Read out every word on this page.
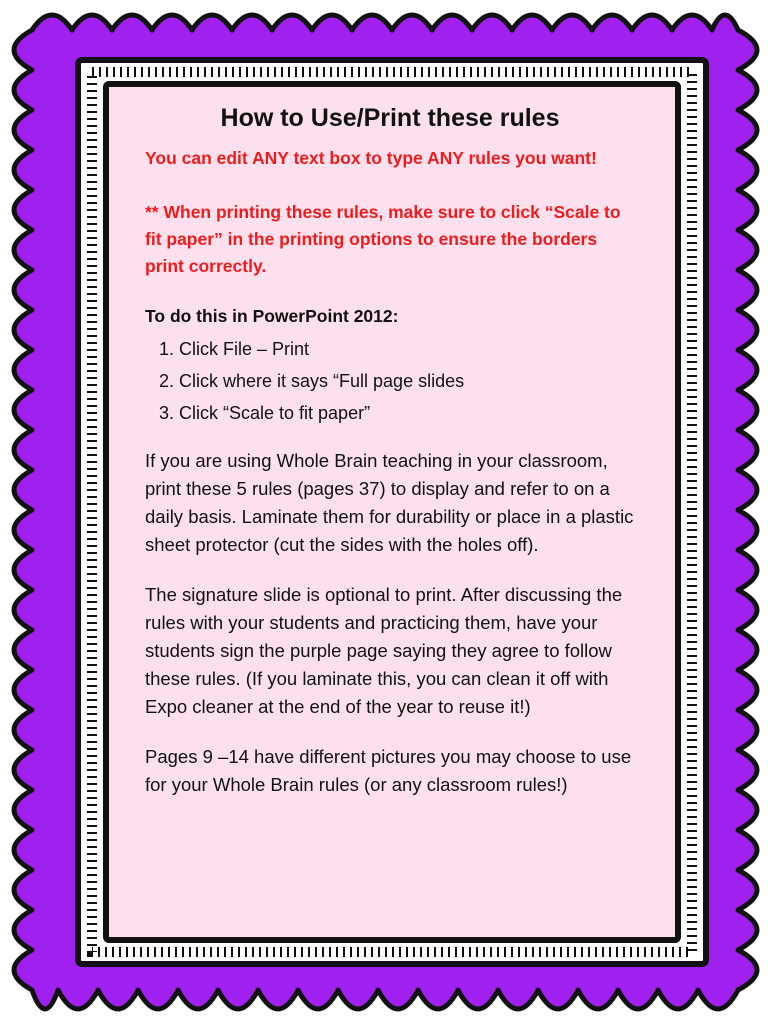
How to Use/Print these rules

You can edit ANY text box to type ANY rules you want!

** When printing these rules, make sure to click “Scale to fit paper” in the printing options to ensure the borders print correctly.

To do this in PowerPoint 2012:
1. Click File – Print
2. Click where it says “Full page slides
3. Click “Scale to fit paper”

If you are using Whole Brain teaching in your classroom, print these 5 rules (pages 37) to display and refer to on a daily basis. Laminate them for durability or place in a plastic sheet protector (cut the sides with the holes off).

The signature slide is optional to print. After discussing the rules with your students and practicing them, have your students sign the purple page saying they agree to follow these rules. (If you laminate this, you can clean it off with Expo cleaner at the end of the year to reuse it!)

Pages 9 –14 have different pictures you may choose to use for your Whole Brain rules (or any classroom rules!)
